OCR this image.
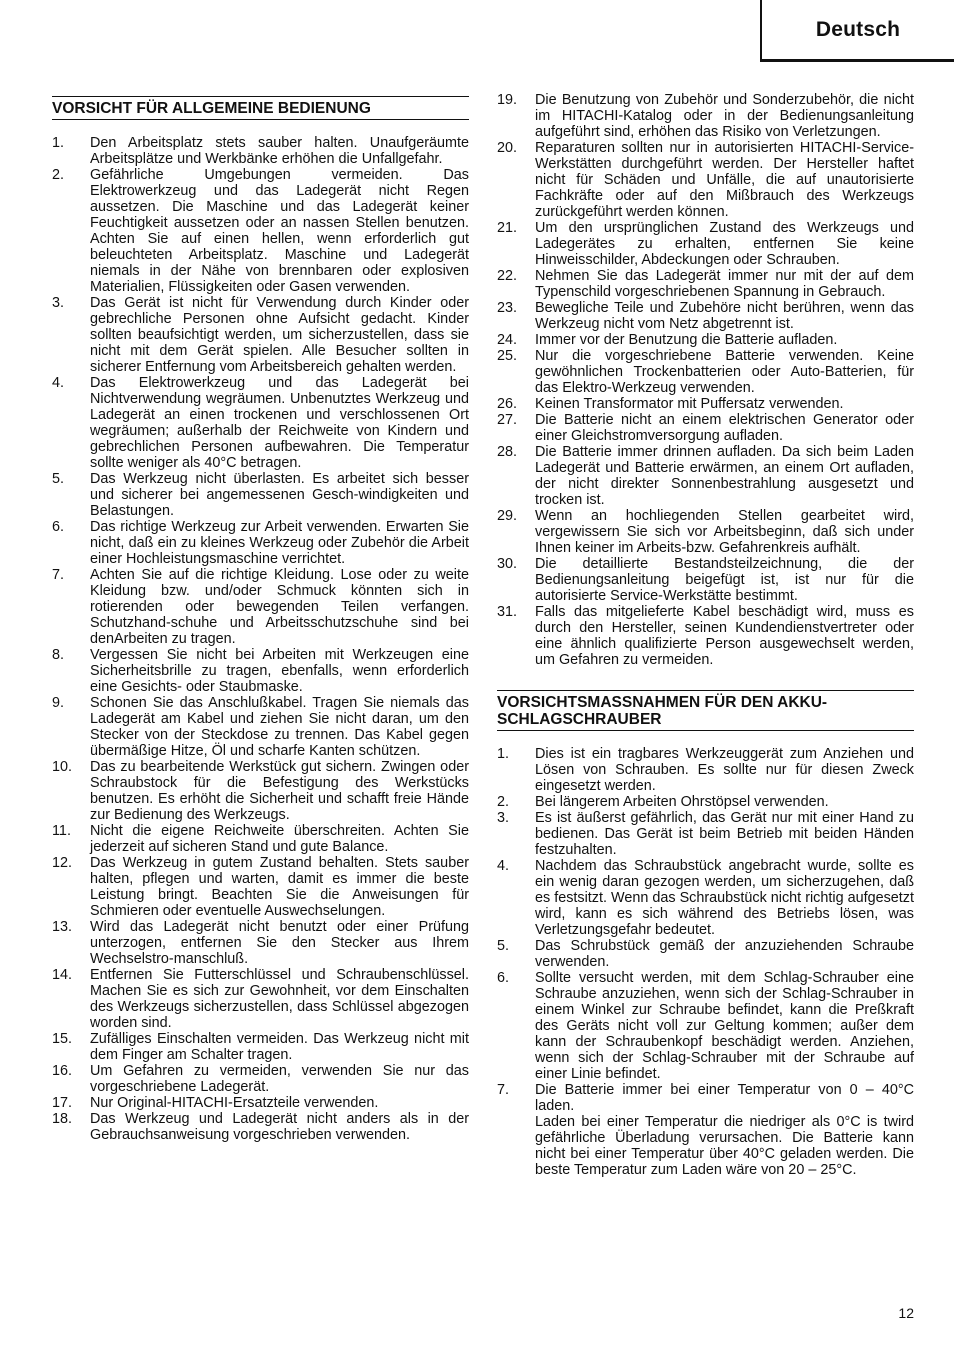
Deutsch
VORSICHT FÜR ALLGEMEINE BEDIENUNG
1. Den Arbeitsplatz stets sauber halten. Unaufgeräumte Arbeitsplätze und Werkbänke erhöhen die Unfallgefahr.
2. Gefährliche Umgebungen vermeiden. Das Elektrowerkzeug und das Ladegerät nicht Regen aussetzen. Die Maschine und das Ladegerät keiner Feuchtigkeit aussetzen oder an nassen Stellen benutzen. Achten Sie auf einen hellen, wenn erforderlich gut beleuchteten Arbeitsplatz. Maschine und Ladegerät niemals in der Nähe von brennbaren oder explosiven Materialien, Flüssigkeiten oder Gasen verwenden.
3. Das Gerät ist nicht für Verwendung durch Kinder oder gebrechliche Personen ohne Aufsicht gedacht. Kinder sollten beaufsichtigt werden, um sicherzustellen, dass sie nicht mit dem Gerät spielen. Alle Besucher sollten in sicherer Entfernung vom Arbeitsbereich gehalten werden.
4. Das Elektrowerkzeug und das Ladegerät bei Nichtverwendung wegräumen. Unbenutztes Werkzeug und Ladegerät an einen trockenen und verschlossenen Ort wegräumen; außerhalb der Reichweite von Kindern und gebrechlichen Personen aufbewahren. Die Temperatur sollte weniger als 40°C betragen.
5. Das Werkzeug nicht überlasten. Es arbeitet sich besser und sicherer bei angemessenen Gesch-windigkeiten und Belastungen.
6. Das richtige Werkzeug zur Arbeit verwenden. Erwarten Sie nicht, daß ein zu kleines Werkzeug oder Zubehör die Arbeit einer Hochleistungsmaschine verrichtet.
7. Achten Sie auf die richtige Kleidung. Lose oder zu weite Kleidung bzw. und/oder Schmuck könnten sich in rotierenden oder bewegenden Teilen verfangen. Schutzhand-schuhe und Arbeitsschutzschuhe sind bei denArbeiten zu tragen.
8. Vergessen Sie nicht bei Arbeiten mit Werkzeugen eine Sicherheitsbrille zu tragen, ebenfalls, wenn erforderlich eine Gesichts- oder Staubmaske.
9. Schonen Sie das Anschlußkabel. Tragen Sie niemals das Ladegerät am Kabel und ziehen Sie nicht daran, um den Stecker von der Steckdose zu trennen. Das Kabel gegen übermäßige Hitze, Öl und scharfe Kanten schützen.
10. Das zu bearbeitende Werkstück gut sichern. Zwingen oder Schraubstock für die Befestigung des Werkstücks benutzen. Es erhöht die Sicherheit und schafft freie Hände zur Bedienung des Werkzeugs.
11. Nicht die eigene Reichweite überschreiten. Achten Sie jederzeit auf sicheren Stand und gute Balance.
12. Das Werkzeug in gutem Zustand behalten. Stets sauber halten, pflegen und warten, damit es immer die beste Leistung bringt. Beachten Sie die Anweisungen für Schmieren oder eventuelle Auswechselungen.
13. Wird das Ladegerät nicht benutzt oder einer Prüfung unterzogen, entfernen Sie den Stecker aus Ihrem Wechselstro-manschluß.
14. Entfernen Sie Futterschlüssel und Schraubenschlüssel. Machen Sie es sich zur Gewohnheit, vor dem Einschalten des Werkzeugs sicherzustellen, dass Schlüssel abgezogen worden sind.
15. Zufälliges Einschalten vermeiden. Das Werkzeug nicht mit dem Finger am Schalter tragen.
16. Um Gefahren zu vermeiden, verwenden Sie nur das vorgeschriebene Ladegerät.
17. Nur Original-HITACHI-Ersatzteile verwenden.
18. Das Werkzeug und Ladegerät nicht anders als in der Gebrauchsanweisung vorgeschrieben verwenden.
19. Die Benutzung von Zubehör und Sonderzubehör, die nicht im HITACHI-Katalog oder in der Bedienungsanleitung aufgeführt sind, erhöhen das Risiko von Verletzungen.
20. Reparaturen sollten nur in autorisierten HITACHI-Service-Werkstätten durchgeführt werden. Der Hersteller haftet nicht für Schäden und Unfälle, die auf unautorisierte Fachkräfte oder auf den Mißbrauch des Werkzeugs zurückgeführt werden können.
21. Um den ursprünglichen Zustand des Werkzeugs und Ladegerätes zu erhalten, entfernen Sie keine Hinweisschilder, Abdeckungen oder Schrauben.
22. Nehmen Sie das Ladegerät immer nur mit der auf dem Typenschild vorgeschriebenen Spannung in Gebrauch.
23. Bewegliche Teile und Zubehöre nicht berühren, wenn das Werkzeug nicht vom Netz abgetrennt ist.
24. Immer vor der Benutzung die Batterie aufladen.
25. Nur die vorgeschriebene Batterie verwenden. Keine gewöhnlichen Trockenbatterien oder Auto-Batterien, für das Elektro-Werkzeug verwenden.
26. Keinen Transformator mit Puffersatz verwenden.
27. Die Batterie nicht an einem elektrischen Generator oder einer Gleichstromversorgung aufladen.
28. Die Batterie immer drinnen aufladen. Da sich beim Laden Ladegerät und Batterie erwärmen, an einem Ort aufladen, der nicht direkter Sonnenbestrahlung ausgesetzt und trocken ist.
29. Wenn an hochliegenden Stellen gearbeitet wird, vergewissern Sie sich vor Arbeitsbeginn, daß sich under Ihnen keiner im Arbeits-bzw. Gefahrenkreis aufhält.
30. Die detaillierte Bestandsteilzeichnung, die der Bedienungsanleitung beigefügt ist, ist nur für die autorisierte Service-Werkstätte bestimmt.
31. Falls das mitgelieferte Kabel beschädigt wird, muss es durch den Hersteller, seinen Kundendienstvertreter oder eine ähnlich qualifizierte Person ausgewechselt werden, um Gefahren zu vermeiden.
VORSICHTSMASSNAHMEN FÜR DEN AKKU-SCHLAGSCHRAUBER
1. Dies ist ein tragbares Werkzeuggerät zum Anziehen und Lösen von Schrauben. Es sollte nur für diesen Zweck eingesetzt werden.
2. Bei längerem Arbeiten Ohrstöpsel verwenden.
3. Es ist äußerst gefährlich, das Gerät nur mit einer Hand zu bedienen. Das Gerät ist beim Betrieb mit beiden Händen festzuhalten.
4. Nachdem das Schraubstück angebracht wurde, sollte es ein wenig daran gezogen werden, um sicherzugehen, daß es festsitzt. Wenn das Schraubstück nicht richtig aufgesetzt wird, kann es sich während des Betriebs lösen, was Verletzungsgefahr bedeutet.
5. Das Schrubstück gemäß der anzuziehenden Schraube verwenden.
6. Sollte versucht werden, mit dem Schlag-Schrauber eine Schraube anzuziehen, wenn sich der Schlag-Schrauber in einem Winkel zur Schraube befindet, kann die Preßkraft des Geräts nicht voll zur Geltung kommen; außer dem kann der Schraubenkopf beschädigt werden. Anziehen, wenn sich der Schlag-Schrauber mit der Schraube auf einer Linie befindet.
7. Die Batterie immer bei einer Temperatur von 0 – 40°C laden.
Laden bei einer Temperatur die niedriger als 0°C is twird gefährliche Überladung verursachen. Die Batterie kann nicht bei einer Temperatur über 40°C geladen werden. Die beste Temperatur zum Laden wäre von 20 – 25°C.
12
